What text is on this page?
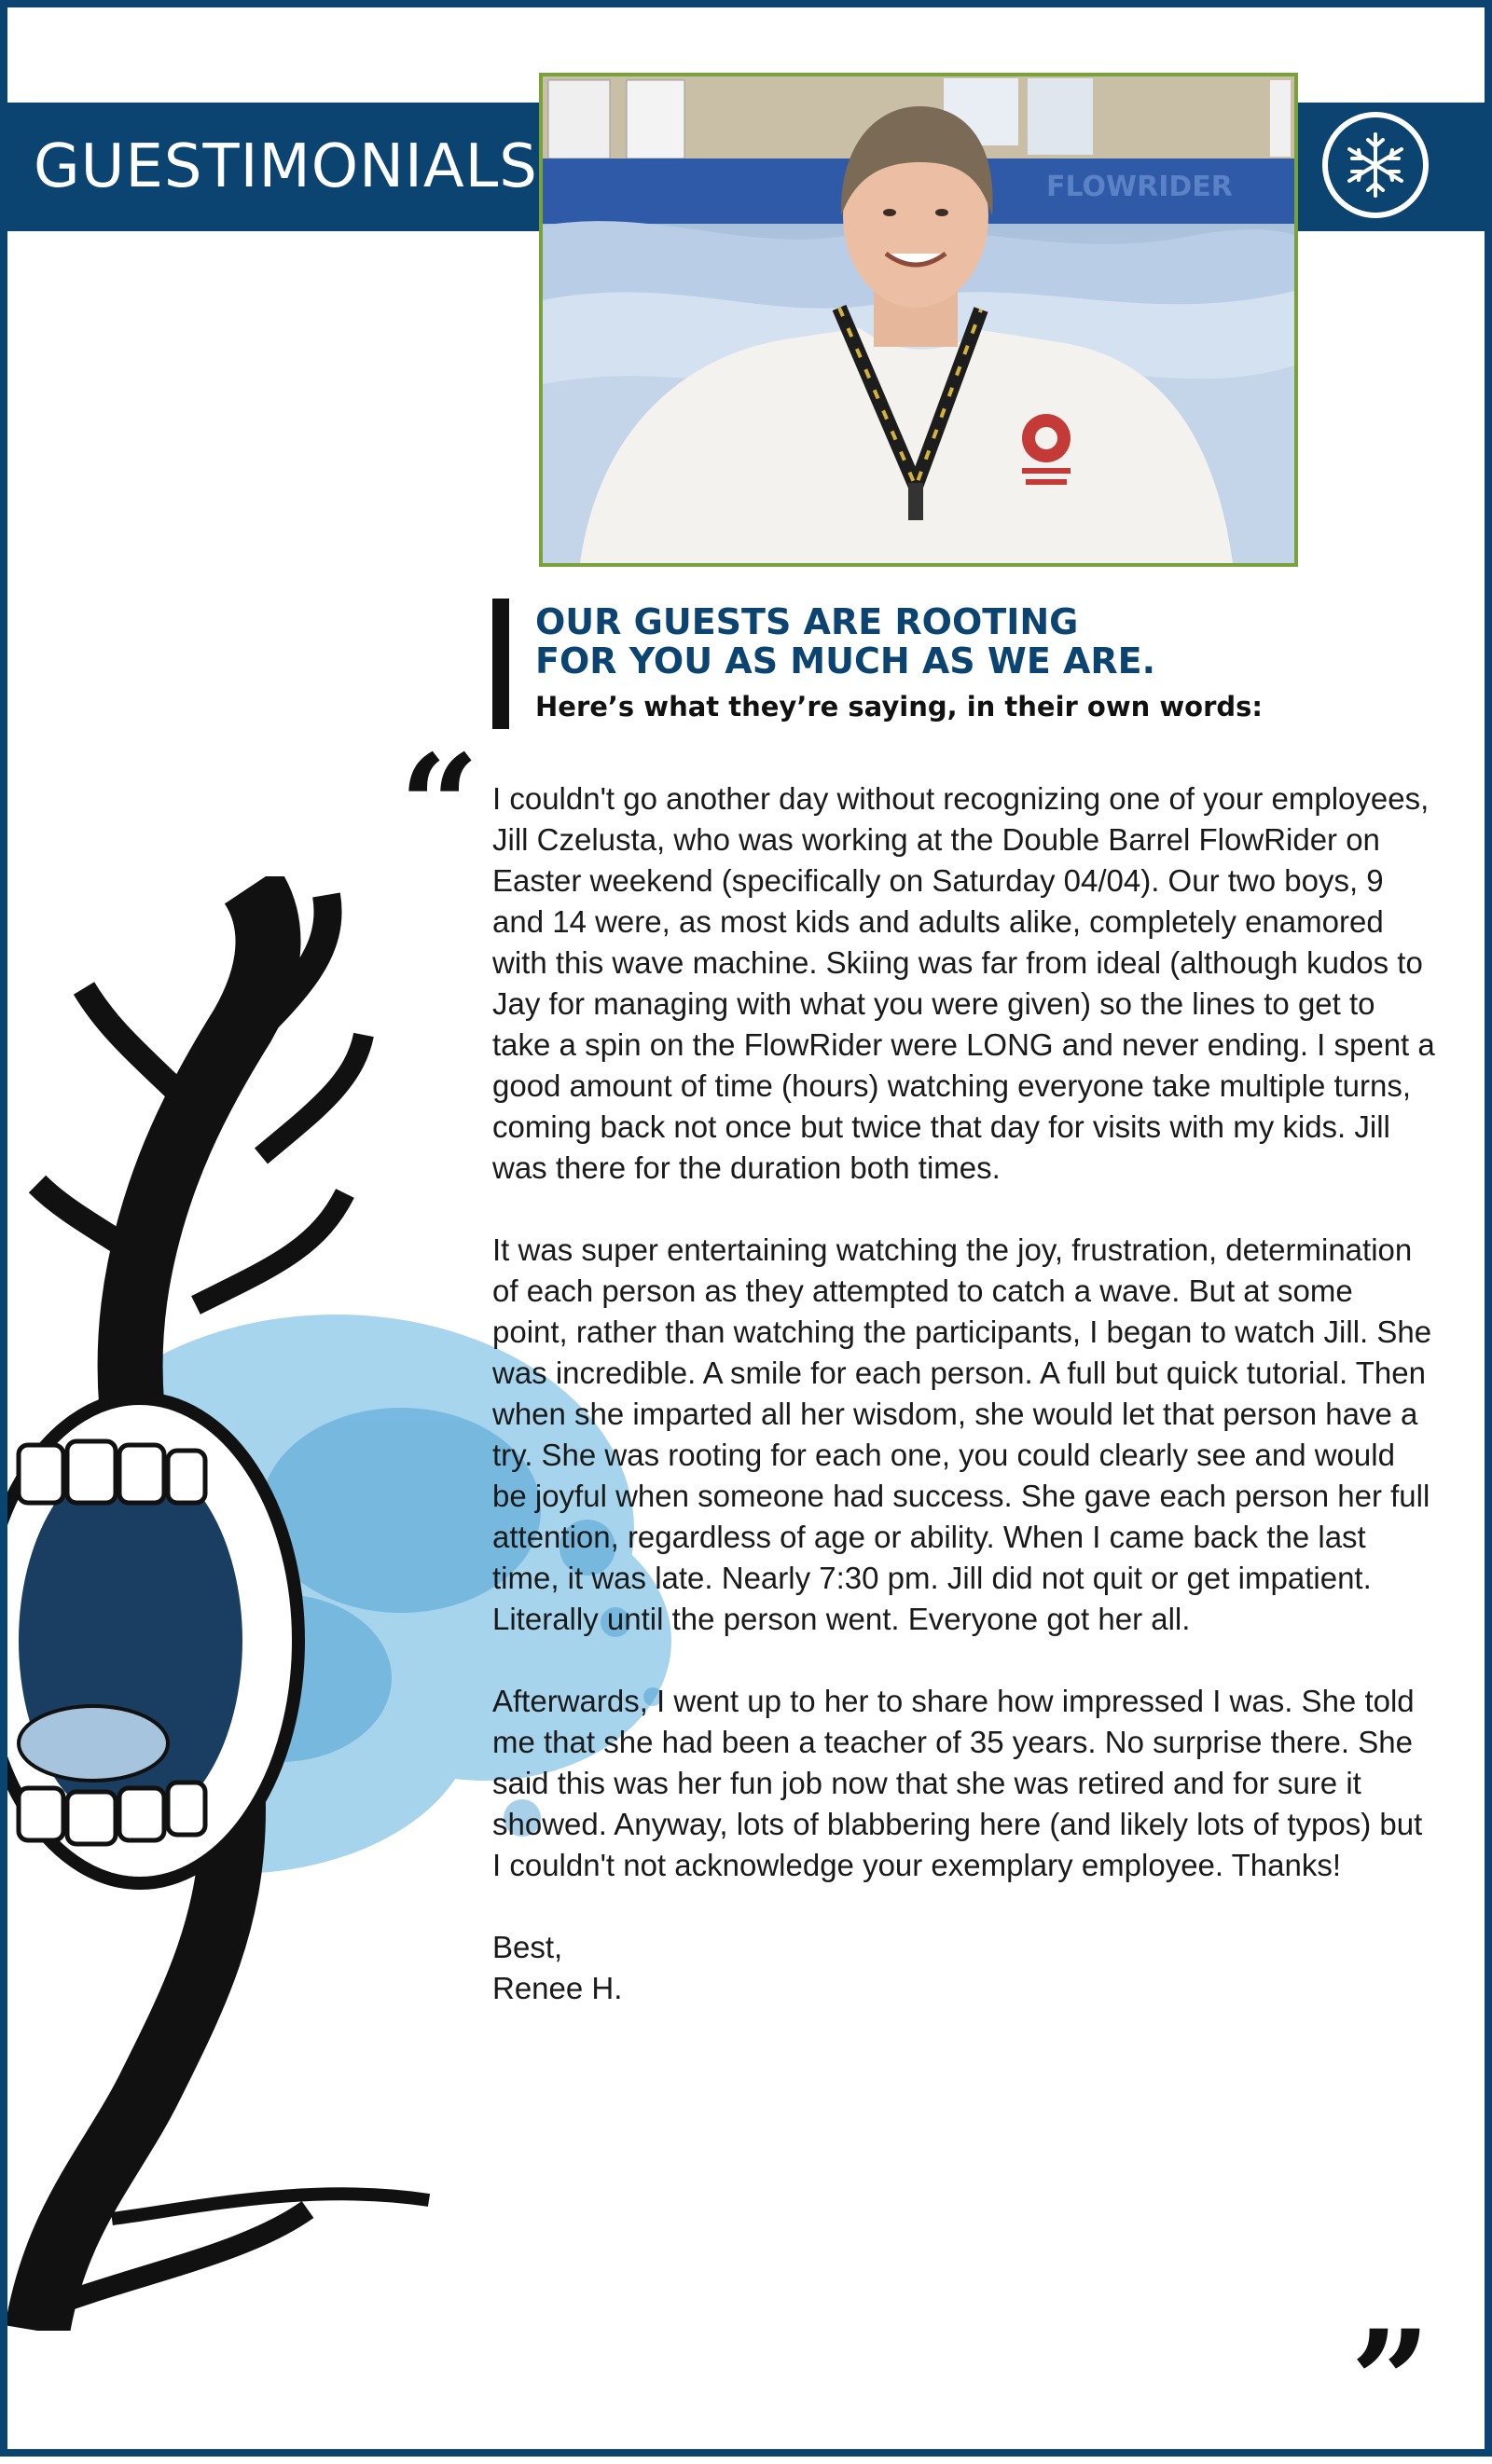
GUESTIMONIALS	FLOWRIDER
OUR GUESTS ARE ROOTING
FOR YOU AS MUCH AS WE ARE.
Here’s what they’re saying, in their own words:
“ I couldn't go another day without recognizing one of your employees,
Jill Czelusta, who was working at the Double Barrel FlowRider on Easter weekend (specifically on Saturday 04/04). Our two boys, 9 and 14 were, as most kids and adults alike, completely enamored with this wave machine. Skiing was far from ideal (although kudos to Jay for managing with what you were given) so the lines to get to take a spin on the FlowRider were LONG and never ending. I spent a good amount of time (hours) watching everyone take multiple turns, coming back not once but twice that day for visits with my kids. Jill was there for the duration both times.

It was super entertaining watching the joy, frustration, determination of each person as they attempted to catch a wave. But at some point, rather than watching the participants, I began to watch Jill. She was incredible. A smile for each person. A full but quick tutorial. Then when she imparted all her wisdom, she would let that person have a try. She was rooting for each one, you could clearly see and would be joyful when someone had success. She gave each person her full attention, regardless of age or ability. When I came back the last time, it was late. Nearly 7:30 pm. Jill did not quit or get impatient. Literally until the person went. Everyone got her all.

Afterwards, I went up to her to share how impressed I was. She told me that she had been a teacher of 35 years. No surprise there. She said this was her fun job now that she was retired and for sure it showed. Anyway, lots of blabbering here (and likely lots of typos) but I couldn't not acknowledge your exemplary employee. Thanks!

Best,
Renee H.
”
